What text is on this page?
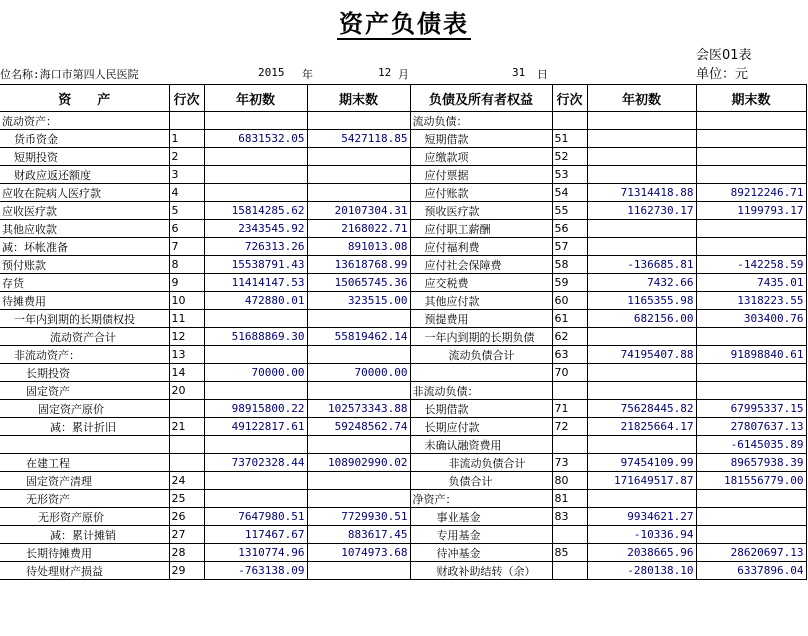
资产负债表
会医01表
单位：元
位名称:海口市第四人民医院	2015 年	12 月	31 日
资　　产	行次	年初数	期末数	负债及所有者权益	行次	年初数	期末数
流动资产：				流动负债：			
货币资金	1	6831532.05	5427118.85	短期借款	51		
短期投资	2			应缴款项	52		
财政应返还额度	3			应付票据	53		
应收在院病人医疗款	4			应付账款	54	71314418.88	89212246.71
应收医疗款	5	15814285.62	20107304.31	预收医疗款	55	1162730.17	1199793.17
其他应收款	6	2343545.92	2168022.71	应付职工薪酬	56		
减：坏帐准备	7	726313.26	891013.08	应付福利费	57		
预付账款	8	15538791.43	13618768.99	应付社会保障费	58	-136685.81	-142258.59
存货	9	11414147.53	15065745.36	应交税费	59	7432.66	7435.01
待摊费用	10	472880.01	323515.00	其他应付款	60	1165355.98	1318223.55
一年内到期的长期债权投	11			预提费用	61	682156.00	303400.76
流动资产合计	12	51688869.30	55819462.14	一年内到期的长期负债	62		
非流动资产：	13			流动负债合计	63	74195407.88	91898840.61
长期投资	14	70000.00	70000.00		70		
固定资产	20			非流动负债：			
固定资产原价		98915800.22	102573343.88	长期借款	71	75628445.82	67995337.15
减：累计折旧	21	49122817.61	59248562.74	长期应付款	72	21825664.17	27807637.13
				未确认融资费用			-6145035.89
在建工程		73702328.44	108902990.02	非流动负债合计	73	97454109.99	89657938.39
固定资产清理	24			负债合计	80	171649517.87	181556779.00
无形资产	25			净资产：	81		
无形资产原价	26	7647980.51	7729930.51	事业基金	83	9934621.27	
减：累计摊销	27	117467.67	883617.45	专用基金		-10336.94	
长期待摊费用	28	1310774.96	1074973.68	待冲基金	85	2038665.96	28620697.13
待处理财产损益	29	-763138.09		财政补助结转（余）		-280138.10	6337896.04
